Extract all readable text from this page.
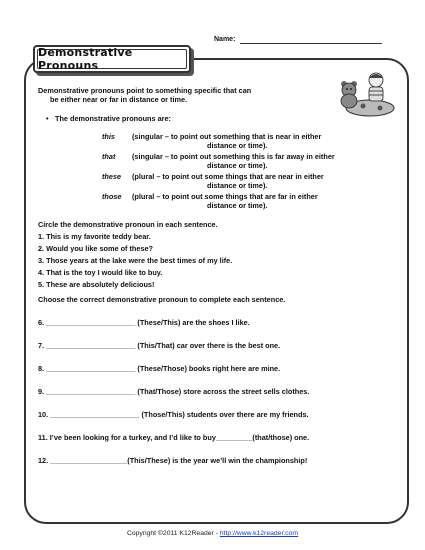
Name:
Demonstrative Pronouns
Demonstrative pronouns point to something specific that can
be either near or far in distance or time.
• The demonstrative pronouns are:
this (singular – to point out something that is near in either
distance or time).
that (singular – to point out something this is far away in either
distance or time).
these (plural – to point out some things that are near in either
distance or time).
those (plural – to point out some things that are far in either
distance or time).
Circle the demonstrative pronoun in each sentence.
1. This is my favorite teddy bear.
2. Would you like some of these?
3. Those years at the lake were the best times of my life.
4. That is the toy I would like to buy.
5. These are absolutely delicious!
Choose the correct demonstrative pronoun to complete each sentence.
6. ______________________ (These/This) are the shoes I like.
7. ______________________ (This/That) car over there is the best one.
8. ______________________ (These/Those) books right here are mine.
9. ______________________ (That/Those) store across the street sells clothes.
10. ______________________ (Those/This) students over there are my friends.
11. I’ve been looking for a turkey, and I’d like to buy_________(that/those) one.
12. ___________________(This/These) is the year we’ll win the championship!
Copyright ©2011 K12Reader - http://www.k12reader.com
